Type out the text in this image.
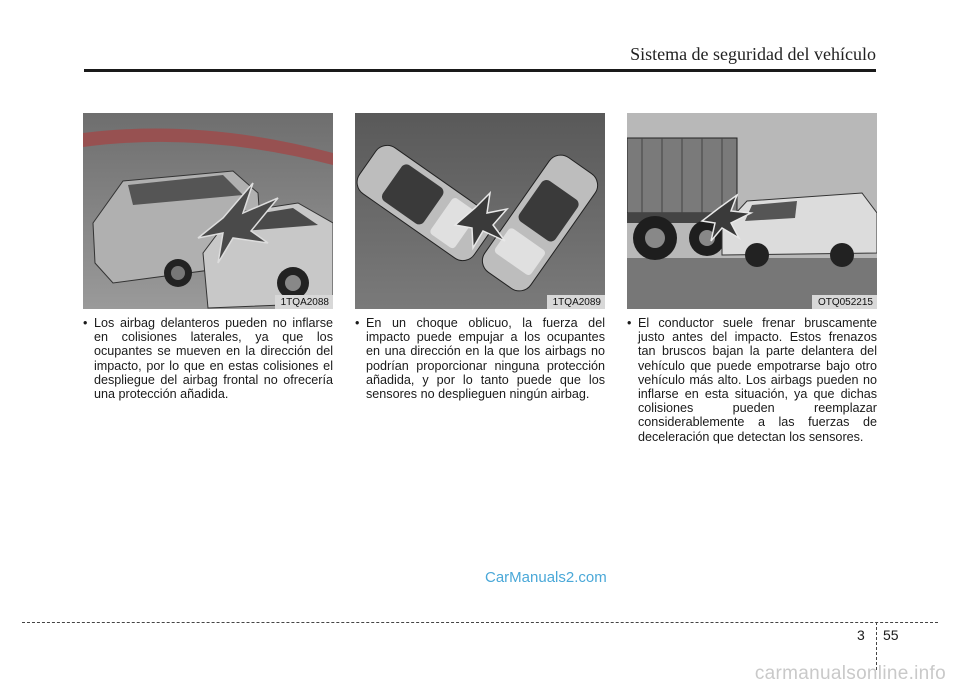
Sistema de seguridad del vehículo
1TQA2088
• Los airbag delanteros pueden no inflarse en colisiones laterales, ya que los ocupantes se mueven en la dirección del impacto, por lo que en estas colisiones el despliegue del airbag frontal no ofrecería una protección añadida.
1TQA2089
• En un choque oblicuo, la fuerza del impacto puede empujar a los ocupantes en una dirección en la que los airbags no podrían proporcionar ninguna protección añadida, y por lo tanto puede que los sensores no desplieguen ningún airbag.
OTQ052215
• El conductor suele frenar bruscamente justo antes del impacto. Estos frenazos tan bruscos bajan la parte delantera del vehículo que puede empotrarse bajo otro vehículo más alto. Los airbags pueden no inflarse en esta situación, ya que dichas colisiones pueden reemplazar considerablemente a las fuerzas de deceleración que detectan los sensores.
CarManuals2.com
3 55
carmanualsonline.info
